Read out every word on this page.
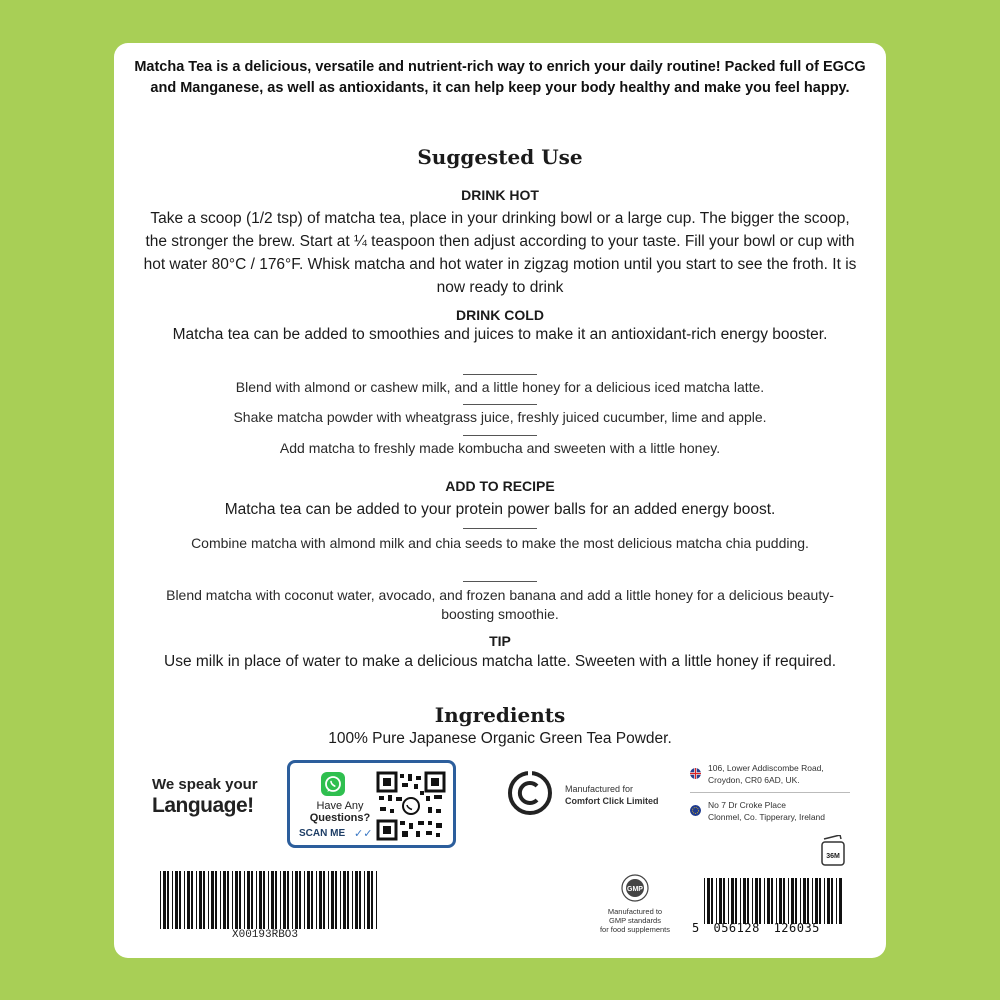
Matcha Tea is a delicious, versatile and nutrient-rich way to enrich your daily routine! Packed full of EGCG and Manganese, as well as antioxidants, it can help keep your body healthy and make you feel happy.
Suggested Use
DRINK HOT
Take a scoop (1/2 tsp) of matcha tea, place in your drinking bowl or a large cup. The bigger the scoop, the stronger the brew. Start at ¼ teaspoon then adjust according to your taste. Fill your bowl or cup with hot water 80°C / 176°F. Whisk matcha and hot water in zigzag motion until you start to see the froth. It is now ready to drink
DRINK COLD
Matcha tea can be added to smoothies and juices to make it an antioxidant-rich energy booster.
Blend with almond or cashew milk, and a little honey for a delicious iced matcha latte.
Shake matcha powder with wheatgrass juice, freshly juiced cucumber, lime and apple.
Add matcha to freshly made kombucha and sweeten with a little honey.
ADD TO RECIPE
Matcha tea can be added to your protein power balls for an added energy boost.
Combine matcha with almond milk and chia seeds to make the most delicious matcha chia pudding.
Blend matcha with coconut water, avocado, and frozen banana and add a little honey for a delicious beauty-boosting smoothie.
TIP
Use milk in place of water to make a delicious matcha latte. Sweeten with a little honey if required.
Ingredients
100% Pure Japanese Organic Green Tea Powder.
We speak your
Language!	Have Any
Questions?
SCAN ME ✓✓
Manufactured for
Comfort Click Limited
106, Lower Addiscombe Road,
Croydon, CR0 6AD, UK.
No 7 Dr Croke Place
Clonmel, Co. Tipperary, Ireland
36M
GMP
Manufactured to
GMP standards
for food supplements
X00193RBO3	5 056128 126035
